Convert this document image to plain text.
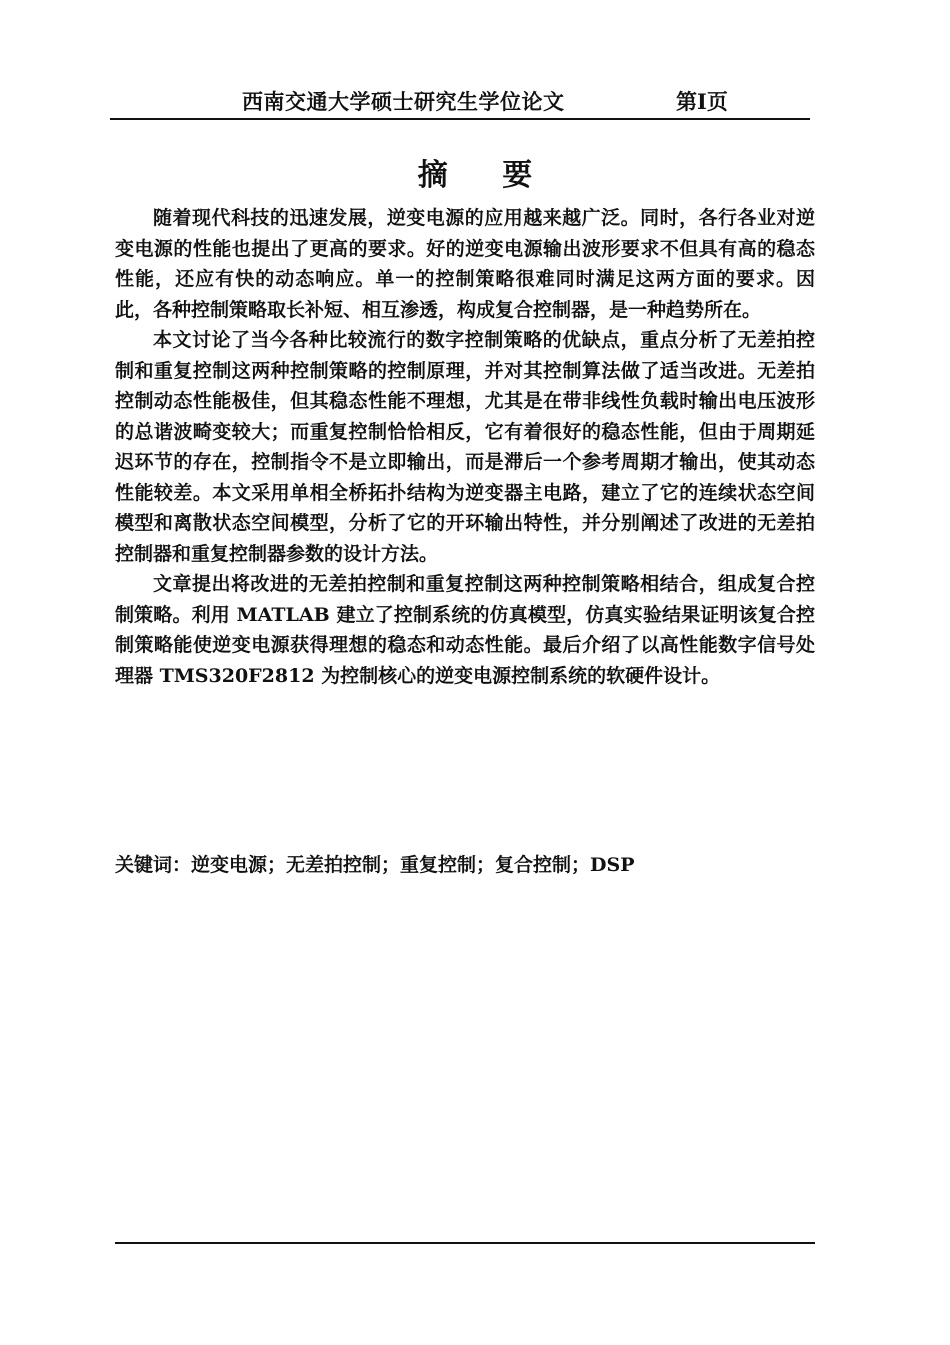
西南交通大学硕士研究生学位论文	第I页
摘 要

随着现代科技的迅速发展，逆变电源的应用越来越广泛。同时，各行各业对逆变电源的性能也提出了更高的要求。好的逆变电源输出波形要求不但具有高的稳态性能，还应有快的动态响应。单一的控制策略很难同时满足这两方面的要求。因此，各种控制策略取长补短、相互渗透，构成复合控制器，是一种趋势所在。

本文讨论了当今各种比较流行的数字控制策略的优缺点，重点分析了无差拍控制和重复控制这两种控制策略的控制原理，并对其控制算法做了适当改进。无差拍控制动态性能极佳，但其稳态性能不理想，尤其是在带非线性负载时输出电压波形的总谐波畸变较大；而重复控制恰恰相反，它有着很好的稳态性能，但由于周期延迟环节的存在，控制指令不是立即输出，而是滞后一个参考周期才输出，使其动态性能较差。本文采用单相全桥拓扑结构为逆变器主电路，建立了它的连续状态空间模型和离散状态空间模型，分析了它的开环输出特性，并分别阐述了改进的无差拍控制器和重复控制器参数的设计方法。

文章提出将改进的无差拍控制和重复控制这两种控制策略相结合，组成复合控制策略。利用 MATLAB 建立了控制系统的仿真模型，仿真实验结果证明该复合控制策略能使逆变电源获得理想的稳态和动态性能。最后介绍了以高性能数字信号处理器 TMS320F2812 为控制核心的逆变电源控制系统的软硬件设计。

关键词：逆变电源；无差拍控制；重复控制；复合控制；DSP
